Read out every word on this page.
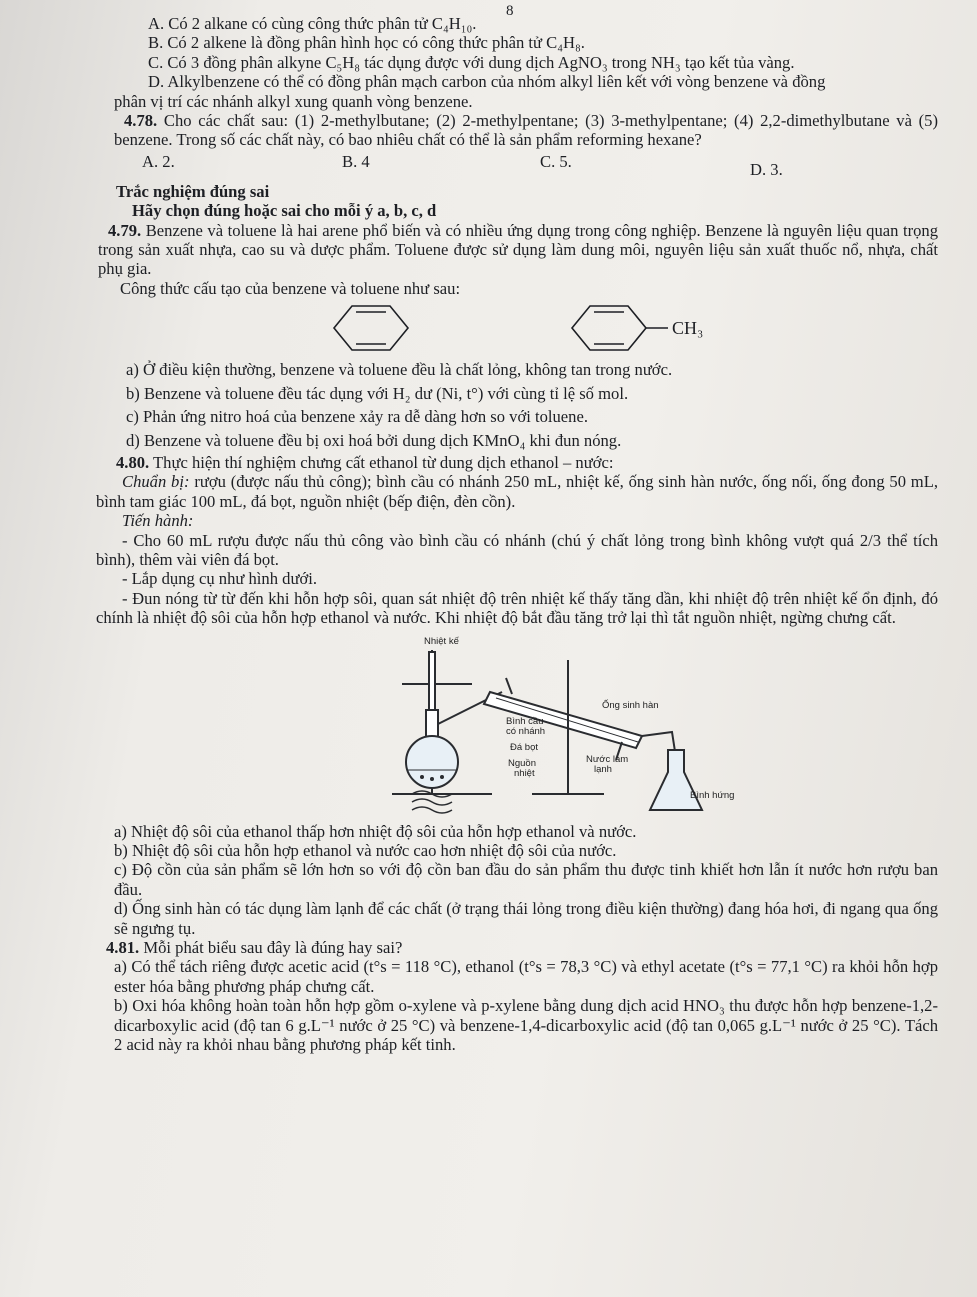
8
A. Có 2 alkane có cùng công thức phân tử C₄H₁₀.
B. Có 2 alkene là đồng phân hình học có công thức phân tử C₄H₈.
C. Có 3 đồng phân alkyne C₅H₈ tác dụng được với dung dịch AgNO₃ trong NH₃ tạo kết tủa vàng.
D. Alkylbenzene có thể có đồng phân mạch carbon của nhóm alkyl liên kết với vòng benzene và đồng
phân vị trí các nhánh alkyl xung quanh vòng benzene.
4.78. Cho các chất sau: (1) 2-methylbutane; (2) 2-methylpentane; (3) 3-methylpentane; (4) 2,2-dimethylbutane và (5) benzene. Trong số các chất này, có bao nhiêu chất có thể là sản phẩm reforming hexane?
A. 2.	B. 4	C. 5.	D. 3.
Trắc nghiệm đúng sai
Hãy chọn đúng hoặc sai cho mỗi ý a, b, c, d
4.79. Benzene và toluene là hai arene phổ biến và có nhiều ứng dụng trong công nghiệp. Benzene là nguyên liệu quan trọng trong sản xuất nhựa, cao su và dược phẩm. Toluene được sử dụng làm dung môi, nguyên liệu sản xuất thuốc nổ, nhựa, chất phụ gia.
Công thức cấu tạo của benzene và toluene như sau:
CH₃
a) Ở điều kiện thường, benzene và toluene đều là chất lỏng, không tan trong nước.
b) Benzene và toluene đều tác dụng với H₂ dư (Ni, t°) với cùng tỉ lệ số mol.
c) Phản ứng nitro hoá của benzene xảy ra dễ dàng hơn so với toluene.
d) Benzene và toluene đều bị oxi hoá bởi dung dịch KMnO₄ khi đun nóng.
4.80. Thực hiện thí nghiệm chưng cất ethanol từ dung dịch ethanol – nước:
Chuẩn bị: rượu (được nấu thủ công); bình cầu có nhánh 250 mL, nhiệt kế, ống sinh hàn nước, ống nối, ống đong 50 mL, bình tam giác 100 mL, đá bọt, nguồn nhiệt (bếp điện, đèn cồn).
Tiến hành:
- Cho 60 mL rượu được nấu thủ công vào bình cầu có nhánh (chú ý chất lỏng trong bình không vượt quá 2/3 thể tích bình), thêm vài viên đá bọt.
- Lắp dụng cụ như hình dưới.
- Đun nóng từ từ đến khi hỗn hợp sôi, quan sát nhiệt độ trên nhiệt kế thấy tăng dần, khi nhiệt độ trên nhiệt kế ổn định, đó chính là nhiệt độ sôi của hỗn hợp ethanol và nước. Khi nhiệt độ bắt đầu tăng trở lại thì tắt nguồn nhiệt, ngừng chưng cất.
Nhiệt kế
Ống sinh hàn
Bình cầu
có nhánh
Đá bọt
Nguồn
nhiệt
Nước làm
lạnh
Bình hứng
a) Nhiệt độ sôi của ethanol thấp hơn nhiệt độ sôi của hỗn hợp ethanol và nước.
b) Nhiệt độ sôi của hỗn hợp ethanol và nước cao hơn nhiệt độ sôi của nước.
c) Độ cồn của sản phẩm sẽ lớn hơn so với độ cồn ban đầu do sản phẩm thu được tinh khiết hơn lẫn ít nước hơn rượu ban đầu.
d) Ống sinh hàn có tác dụng làm lạnh để các chất (ở trạng thái lỏng trong điều kiện thường) đang hóa hơi, đi ngang qua ống sẽ ngưng tụ.
4.81. Mỗi phát biểu sau đây là đúng hay sai?
a) Có thể tách riêng được acetic acid (t°s = 118 °C), ethanol (t°s = 78,3 °C) và ethyl acetate (t°s = 77,1 °C) ra khỏi hỗn hợp ester hóa bằng phương pháp chưng cất.
b) Oxi hóa không hoàn toàn hỗn hợp gồm o-xylene và p-xylene bằng dung dịch acid HNO₃ thu được hỗn hợp benzene-1,2-dicarboxylic acid (độ tan 6 g.L⁻¹ nước ở 25 °C) và benzene-1,4-dicarboxylic acid (độ tan 0,065 g.L⁻¹ nước ở 25 °C). Tách 2 acid này ra khỏi nhau bằng phương pháp kết tinh.
